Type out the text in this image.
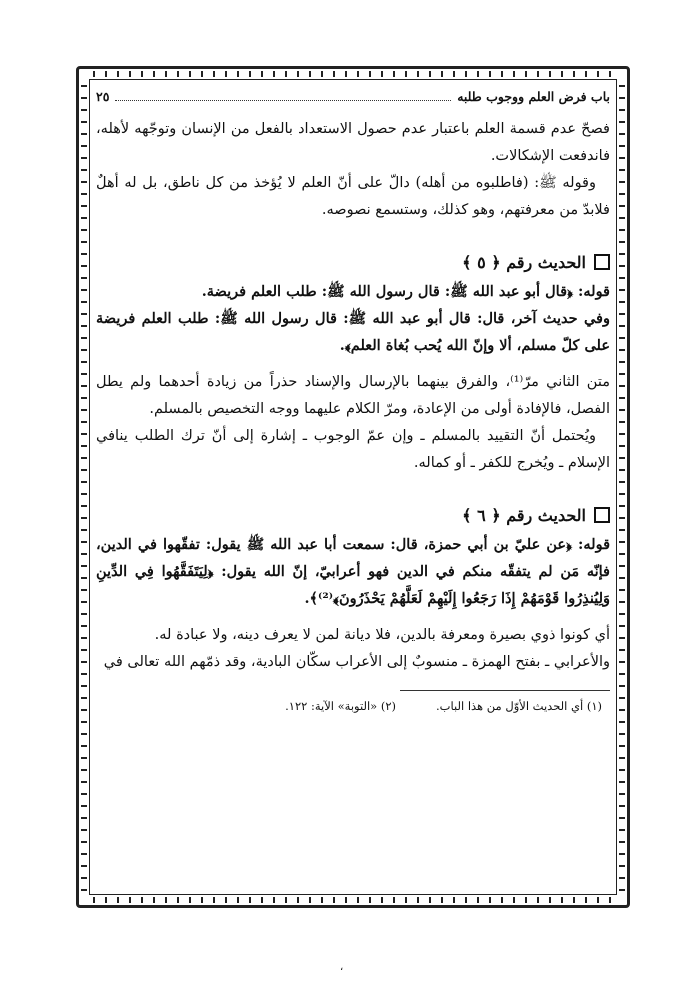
باب فرض العلم ووجوب طلبه
٢٥

فصحّ عدم قسمة العلم باعتبار عدم حصول الاستعداد بالفعل من الإنسان وتوجّهه لأهله، فاندفعت الإشكالات.

وقوله ﷺ: (فاطلبوه من أهله) دالّ على أنّ العلم لا يُؤخذ من كل ناطق، بل له أهلٌ فلابدّ من معرفتهم، وهو كذلك، وستسمع نصوصه.

الحديث رقم ﴿ ٥ ﴾

قوله: ﴿قال أبو عبد الله ﷺ: قال رسول الله ﷺ: طلب العلم فريضة.

وفي حديث آخر، قال: قال أبو عبد الله ﷺ: قال رسول الله ﷺ: طلب العلم فريضة على كلّ مسلم، ألا وإنّ الله يُحب بُغاة العلم﴾.

متن الثاني مرّ⁽¹⁾، والفرق بينهما بالإرسال والإسناد حذراً من زيادة أحدهما ولم يطل الفصل، فالإفادة أولى من الإعادة، ومرّ الكلام عليهما ووجه التخصيص بالمسلم.

ويُحتمل أنّ التقييد بالمسلم ـ وإن عمّ الوجوب ـ إشارة إلى أنّ ترك الطلب ينافي الإسلام ـ ويُخرج للكفر ـ أو كماله.

الحديث رقم ﴿ ٦ ﴾

قوله: ﴿عن عليّ بن أبي حمزة، قال: سمعت أبا عبد الله ﷺ يقول: تفقّهوا في الدين، فإنّه مَن لم يتفقّه منكم في الدين فهو أعرابيّ، إنّ الله يقول: ﴿لِيَتَفَقَّهُوا فِي الدِّينِ وَلِيُنذِرُوا قَوْمَهُمْ إِذَا رَجَعُوا إِلَيْهِمْ لَعَلَّهُمْ يَحْذَرُونَ﴾⁽²⁾﴾.

أي كونوا ذوي بصيرة ومعرفة بالدين، فلا ديانة لمن لا يعرف دينه، ولا عبادة له.

والأعرابي ـ بفتح الهمزة ـ منسوبٌ إلى الأعراب سكّان البادية، وقد ذمّهم الله تعالى في

(١) أي الحديث الأوّل من هذا الباب.
(٢) «التوبة» الآية: ١٢٢.
،
